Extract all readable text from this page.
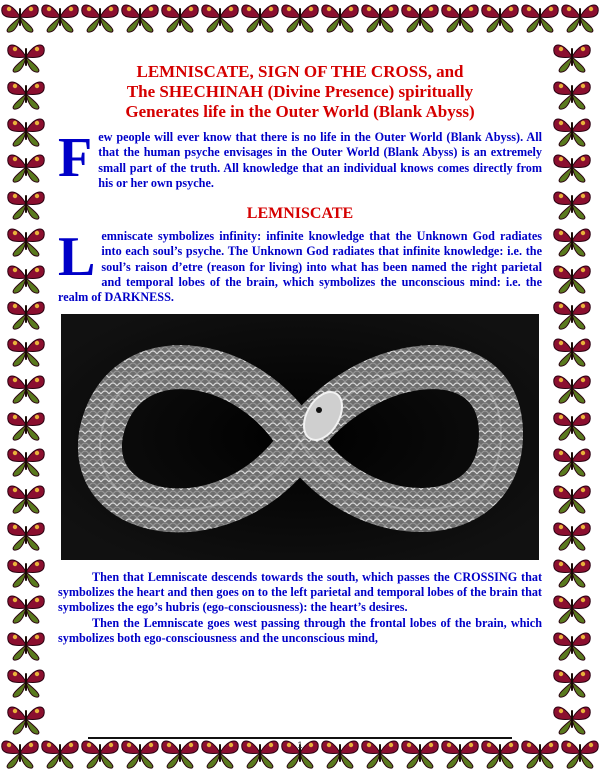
LEMNISCATE, SIGN OF THE CROSS, and
The SHECHINAH (Divine Presence) spiritually
Generates life in the Outer World (Blank Abyss)

Few people will ever know that there is no life in the Outer World (Blank Abyss). All that the human psyche envisages in the Outer World (Blank Abyss) is an extremely small part of the truth. All knowledge that an individual knows comes directly from his or her own psyche.

LEMNISCATE

Lemniscate symbolizes infinity: infinite knowledge that the Unknown God radiates into each soul’s psyche. The Unknown God radiates that infinite knowledge: i.e. the soul’s raison d’etre (reason for living) into what has been named the right parietal and temporal lobes of the brain, which symbolizes the unconscious mind: i.e. the realm of DARKNESS.

Then that Lemniscate descends towards the south, which passes the CROSSING that symbolizes the heart and then goes on to the left parietal and temporal lobes of the brain that symbolizes the ego’s hubris (ego-consciousness): the heart’s desires.

Then the Lemniscate goes west passing through the frontal lobes of the brain, which symbolizes both ego-consciousness and the unconscious mind,

1
